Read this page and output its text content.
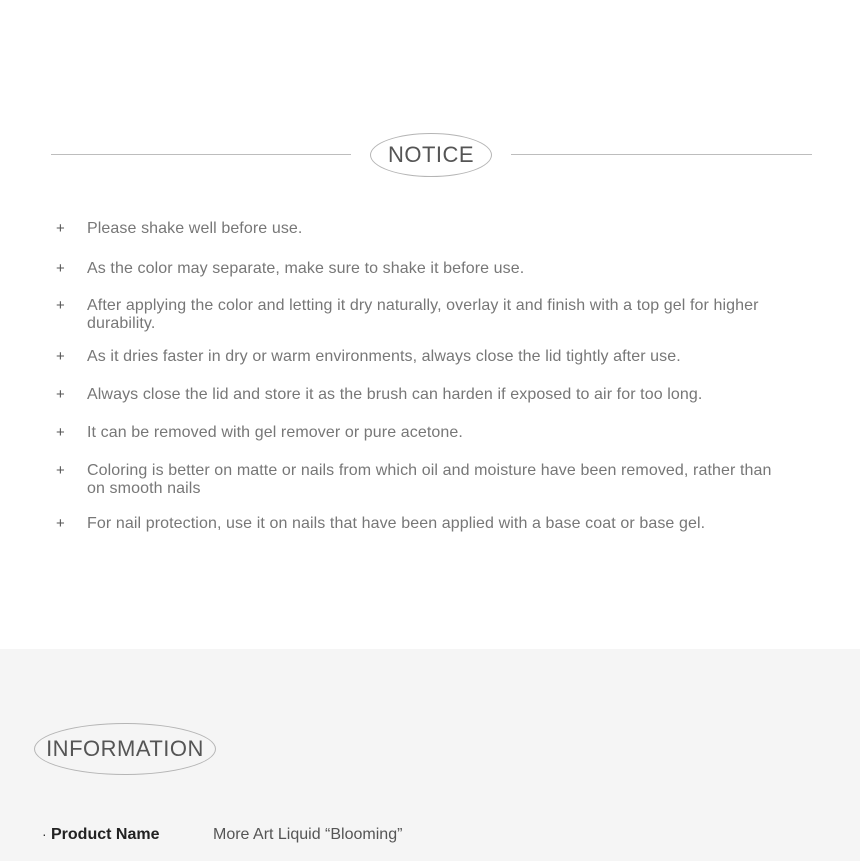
NOTICE
+	Please shake well before use.
+	As the color may separate, make sure to shake it before use.
+	After applying the color and letting it dry naturally, overlay it and finish with a top gel for higher durability.
+	As it dries faster in dry or warm environments, always close the lid tightly after use.
+	Always close the lid and store it as the brush can harden if exposed to air for too long.
+	It can be removed with gel remover or pure acetone.
+	Coloring is better on matte or nails from which oil and moisture have been removed, rather than on smooth nails
+	For nail protection, use it on nails that have been applied with a base coat or base gel.
INFORMATION
· Product Name	More Art Liquid “Blooming”
